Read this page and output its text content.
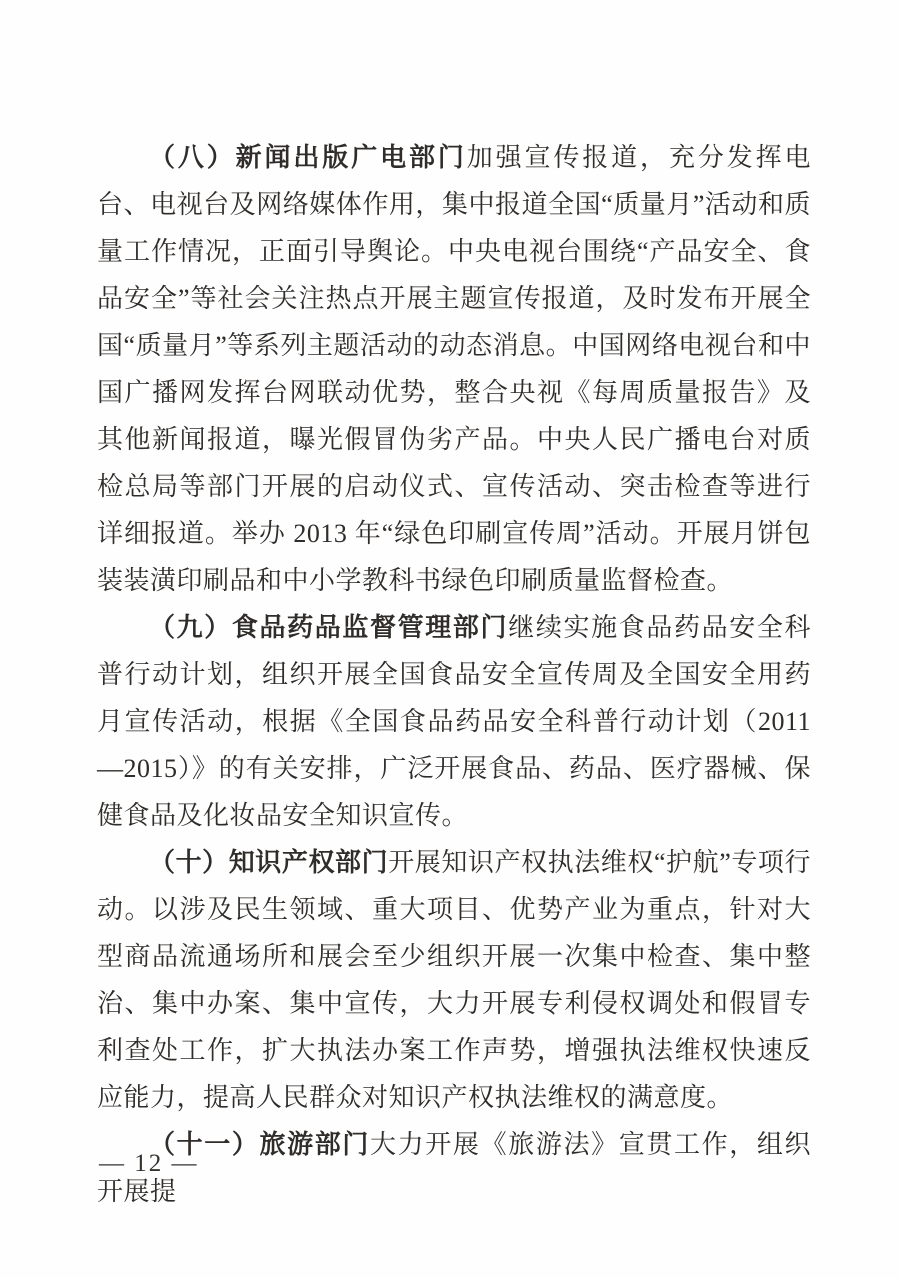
（八）新闻出版广电部门加强宣传报道，充分发挥电台、电视台及网络媒体作用，集中报道全国“质量月”活动和质量工作情况，正面引导舆论。中央电视台围绕“产品安全、食品安全”等社会关注热点开展主题宣传报道，及时发布开展全国“质量月”等系列主题活动的动态消息。中国网络电视台和中国广播网发挥台网联动优势，整合央视《每周质量报告》及其他新闻报道，曝光假冒伪劣产品。中央人民广播电台对质检总局等部门开展的启动仪式、宣传活动、突击检查等进行详细报道。举办 2013 年“绿色印刷宣传周”活动。开展月饼包装装潢印刷品和中小学教科书绿色印刷质量监督检查。

（九）食品药品监督管理部门继续实施食品药品安全科普行动计划，组织开展全国食品安全宣传周及全国安全用药月宣传活动，根据《全国食品药品安全科普行动计划（2011—2015）》的有关安排，广泛开展食品、药品、医疗器械、保健食品及化妆品安全知识宣传。

（十）知识产权部门开展知识产权执法维权“护航”专项行动。以涉及民生领域、重大项目、优势产业为重点，针对大型商品流通场所和展会至少组织开展一次集中检查、集中整治、集中办案、集中宣传，大力开展专利侵权调处和假冒专利查处工作，扩大执法办案工作声势，增强执法维权快速反应能力，提高人民群众对知识产权执法维权的满意度。

（十一）旅游部门大力开展《旅游法》宣贯工作，组织开展提

— 12 —
